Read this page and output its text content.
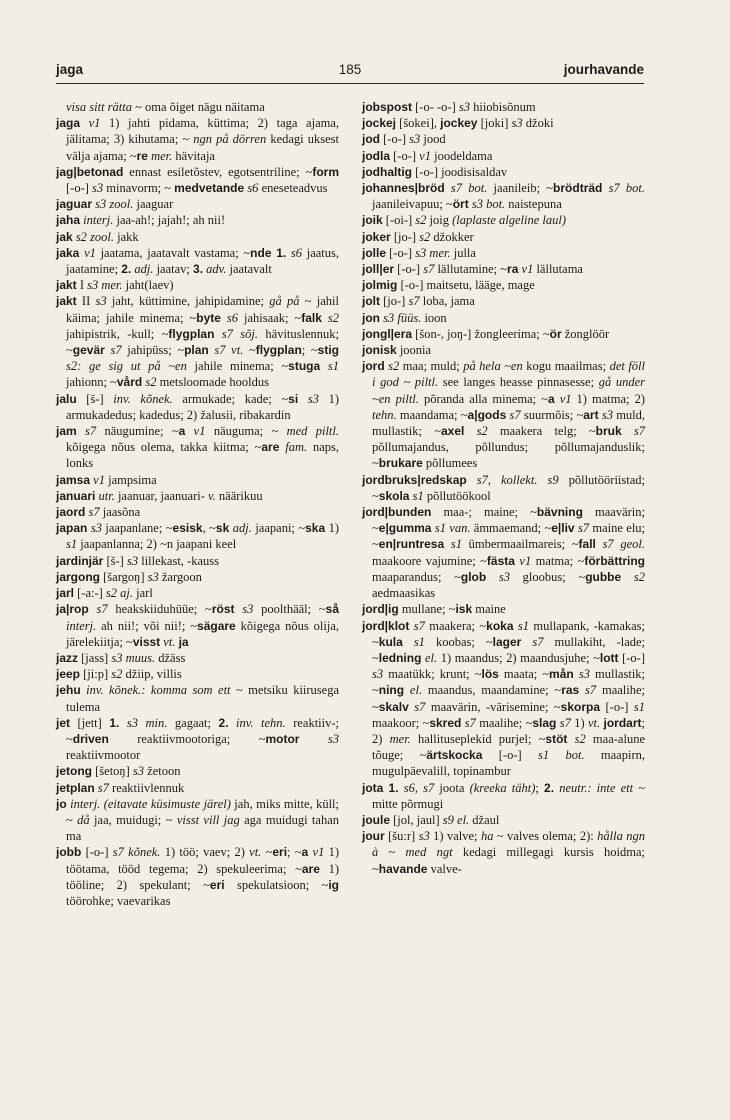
jaga	185	jourhavande

visa sitt rätta ~ oma õiget nägu näitama

jaga v1 1) jahti pidama, küttima; 2) taga ajama, jälitama; 3) kihutama; ~ ngn på dörren kedagi uksest välja ajama; ~re mer. hävitaja

jag|betonad ennast esiletõstev, egotsentriline; ~form [-o-] s3 minavorm; ~ medvetande s6 eneseteadvus

jaguar s3 zool. jaaguar

jaha interj. jaa-ah!; jajah!; ah nii!

jak s2 zool. jakk

jaka v1 jaatama, jaatavalt vastama; ~nde 1. s6 jaatus, jaatamine; 2. adj. jaatav; 3. adv. jaatavalt

jakt I s3 mer. jaht(laev)

jakt II s3 jaht, küttimine, jahipidamine; gå på ~ jahil käima; jahile minema; ~byte s6 jahisaak; ~falk s2 jahipistrik, -kull; ~flygplan s7 sõj. hävituslennuk; ~gevär s7 jahipüss; ~plan s7 vt. ~flygplan; ~stig s2: ge sig ut på ~en jahile minema; ~stuga s1 jahionn; ~vård s2 metsloomade hooldus

jalu [š-] inv. kõnek. armukade; kade; ~si s3 1) armukadedus; kadedus; 2) žalusii, ribakardin

jam s7 näugumine; ~a v1 näuguma; ~ med piltl. kõigega nõus olema, takka kiitma; ~are fam. naps, lonks

jamsa v1 jampsima

januari utr. jaanuar, jaanuari- v. näärikuu

jaord s7 jaasõna

japan s3 jaapanlane; ~esisk, ~sk adj. jaapani; ~ska 1) s1 jaapanlanna; 2) ~n jaapani keel

jardinjär [š-] s3 lillekast, -kauss

jargong [šargoŋ] s3 žargoon

jarl [-a:-] s2 aj. jarl

ja|rop s7 heakskiiduhüüe; ~röst s3 poolthääl; ~så interj. ah nii!; või nii!; ~sägare kõigega nõus olija, järelekiitja; ~visst vt. ja

jazz [jass] s3 muus. džäss

jeep [ji:p] s2 džiip, villis

jehu inv. kõnek.: komma som ett ~ metsiku kiirusega tulema

jet [jett] 1. s3 min. gagaat; 2. inv. tehn. reaktiiv-; ~driven reaktiivmootoriga; ~motor s3 reaktiivmootor

jetong [šetoŋ] s3 žetoon

jetplan s7 reaktiivlennuk

jo interj. (eitavate küsimuste järel) jah, miks mitte, küll; ~ då jaa, muidugi; ~ visst vill jag aga muidugi tahan ma

jobb [-o-] s7 kõnek. 1) töö; vaev; 2) vt. ~eri; ~a v1 1) töötama, tööd tegema; 2) spekuleerima; ~are 1) tööline; 2) spekulant; ~eri spekulatsioon; ~ig töörohke; vaevarikas

jobspost [-o- -o-] s3 hiiobisõnum

jockej [šokei], jockey [joki] s3 džoki

jod [-o-] s3 jood

jodla [-o-] v1 joodeldama

jodhaltig [-o-] joodisisaldav

johannes|bröd s7 bot. jaanileib; ~brödträd s7 bot. jaanileivapuu; ~ört s3 bot. naistepuna

joik [-oi-] s2 joig (laplaste algeline laul)

joker [jo-] s2 džokker

jolle [-o-] s3 mer. julla

joll|er [-o-] s7 lällutamine; ~ra v1 lällutama

jolmig [-o-] maitsetu, lääge, mage

jolt [jo-] s7 loba, jama

jon s3 füüs. ioon

jongl|era [šon-, joŋ-] žongleerima; ~ör žonglöör

jonisk joonia

jord s2 maa; muld; på hela ~en kogu maailmas; det föll i god ~ piltl. see langes heasse pinnasesse; gå under ~en piltl. põranda alla minema; ~a v1 1) matma; 2) tehn. maandama; ~a|gods s7 suurmõis; ~art s3 muld, mullastik; ~axel s2 maakera telg; ~bruk s7 põllumajandus, põllundus; põllumajanduslik; ~brukare põllumees

jordbruks|redskap s7, kollekt. s9 põllutööriistad; ~skola s1 põllutöökool

jord|bunden maa-; maine; ~bävning maavärin; ~e|gumma s1 van. ämmaemand; ~e|liv s7 maine elu; ~en|runtresa s1 ümbermaailmareis; ~fall s7 geol. maakoore vajumine; ~fästa v1 matma; ~förbättring maaparandus; ~glob s3 gloobus; ~gubbe s2 aedmaasikas

jord|ig mullane; ~isk maine

jord|klot s7 maakera; ~koka s1 mullapank, -kamakas; ~kula s1 koobas; ~lager s7 mullakiht, -lade; ~ledning el. 1) maandus; 2) maandusjuhe; ~lott [-o-] s3 maatükk; krunt; ~lös maata; ~mån s3 mullastik; ~ning el. maandus, maandamine; ~ras s7 maalihe; ~skalv s7 maavärin, -värisemine; ~skorpa [-o-] s1 maakoor; ~skred s7 maalihe; ~slag s7 1) vt. jordart; 2) mer. hallituseplekid purjel; ~stöt s2 maa-alune tõuge; ~ärtskocka [-o-] s1 bot. maapirn, mugulpäevalill, topinambur

jota 1. s6, s7 joota (kreeka täht); 2. neutr.: inte ett ~ mitte põrmugi

joule [jol, jaul] s9 el. džaul

jour [šu:r] s3 1) valve; ha ~ valves olema; 2): hålla ngn à ~ med ngt kedagi millegagi kursis hoidma; ~havande valve-
